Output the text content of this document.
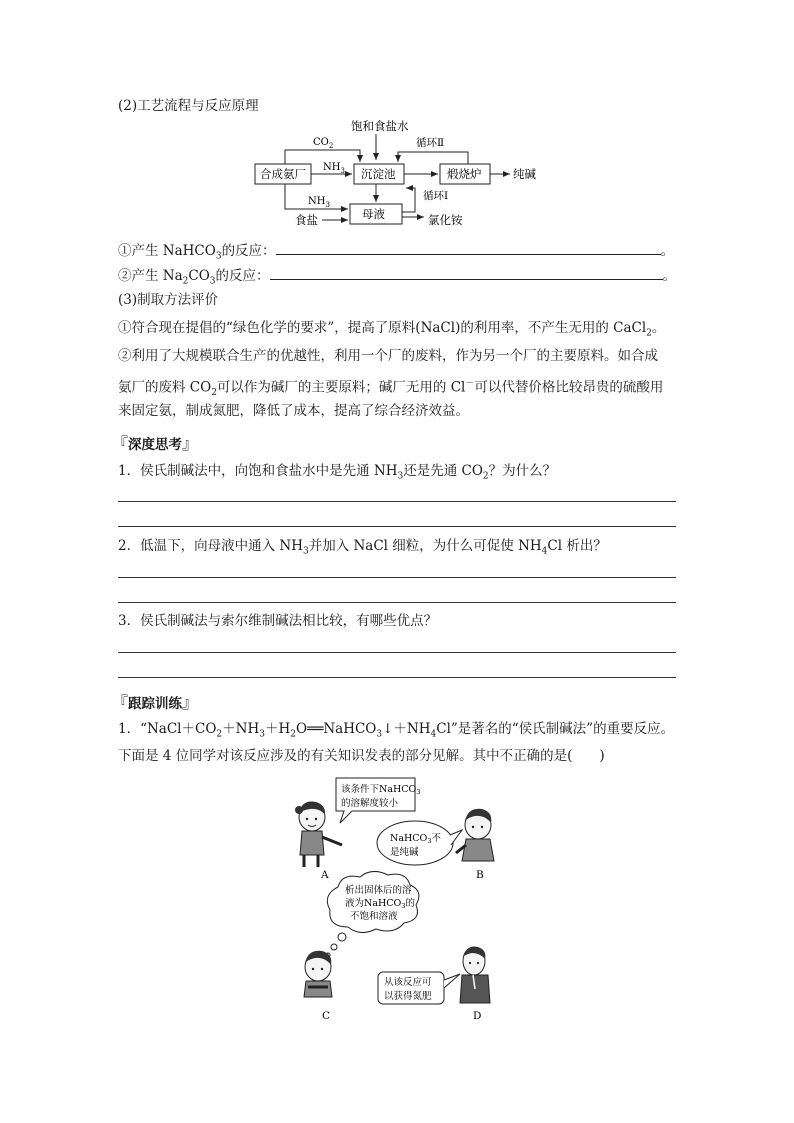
(2)工艺流程与反应原理
饱和食盐水
$CO_2$	循环Ⅱ
合成氨厂	沉淀池	煅烧炉
$NH_3$	纯碱
循环Ⅰ
$NH_3$
母液
食盐	氯化铵
①产生 NaHCO$_3$的反应：	。
②产生 $Na_2CO_3$的反应：	。
(3)制取方法评价
①符合现在提倡的“绿色化学的要求”，提高了原料(NaCl)的利用率，不产生无用的 CaCl$_2$。
②利用了大规模联合生产的优越性，利用一个厂的废料，作为另一个厂的主要原料。如合成
氨厂的废料 $CO_2$可以作为碱厂的主要原料；碱厂无用的 Cl－可以代替价格比较昂贵的硫酸用
来固定氨，制成氮肥，降低了成本，提高了综合经济效益。
『深度思考』
1．侯氏制碱法中，向饱和食盐水中是先通 $NH_3$还是先通 $CO_2$？为什么？
2．低温下，向母液中通入 $NH_3$并加入 NaCl 细粒，为什么可促使 $NH_4Cl$ 析出？
3．侯氏制碱法与索尔维制碱法相比较，有哪些优点？
『跟踪训练』
1．“$NaCl+CO_2+NH_3+H_2O══NaHCO_3↓+NH_4Cl$”是著名的“侯氏制碱法”的重要反应。
下面是 4 位同学对该反应涉及的有关知识发表的部分见解。其中不正确的是(　　)
该条件下NaHCO$_3$
的溶解度较小
A
NaHCO$_3$不
是纯碱
B
析出固体后的溶
液为NaHCO$_3$的
不饱和溶液
C
从该反应可
以获得氮肥
D
